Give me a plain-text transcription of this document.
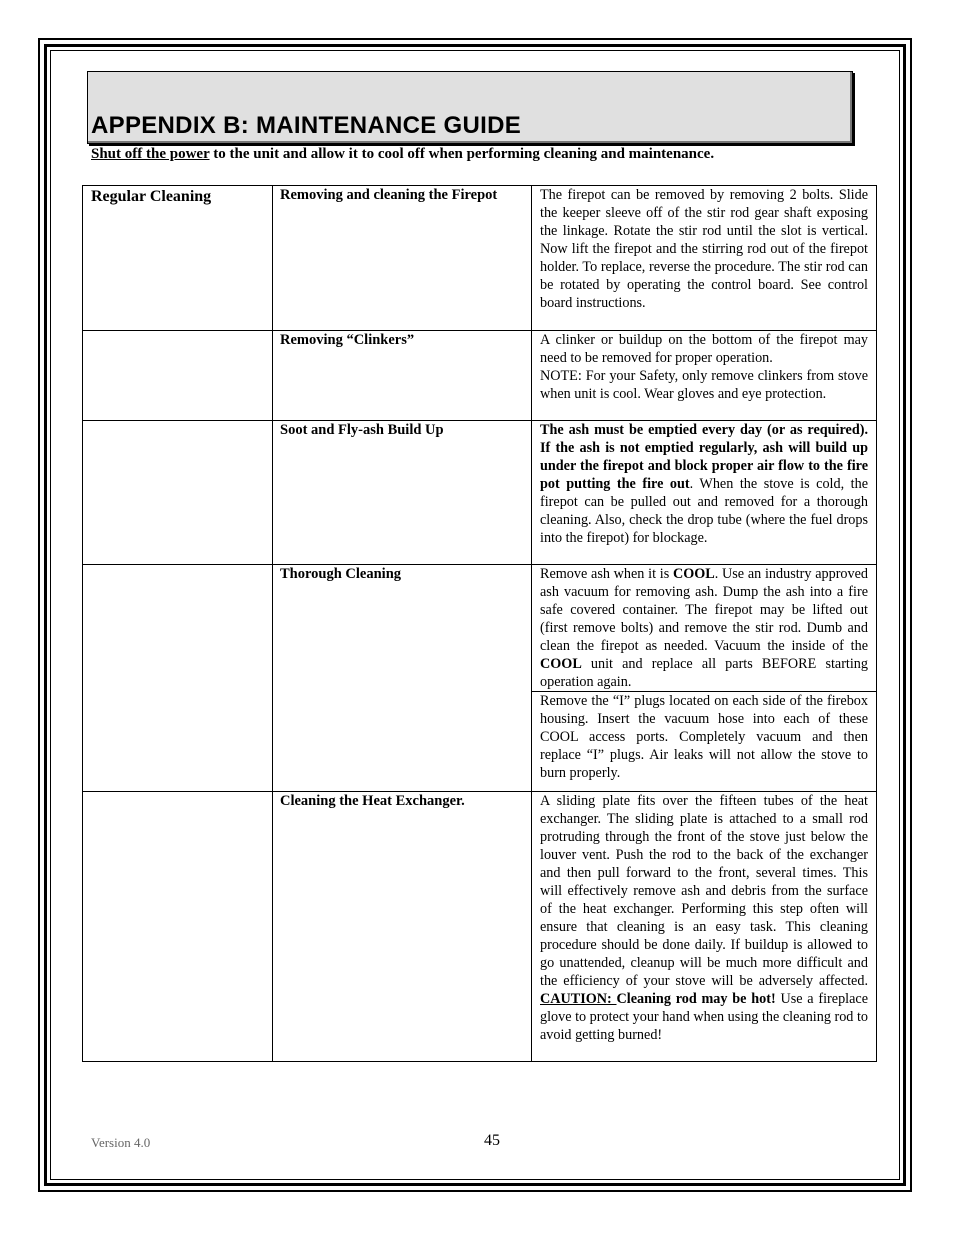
APPENDIX B: MAINTENANCE GUIDE

Shut off the power to the unit and allow it to cool off when performing cleaning and maintenance.

Regular Cleaning	Removing and cleaning the Firepot	The firepot can be removed by removing 2 bolts. Slide the keeper sleeve off of the stir rod gear shaft exposing the linkage. Rotate the stir rod until the slot is vertical. Now lift the firepot and the stirring rod out of the firepot holder. To replace, reverse the procedure. The stir rod can be rotated by operating the control board. See control board instructions.

	Removing “Clinkers”	A clinker or buildup on the bottom of the firepot may need to be removed for proper operation.
NOTE: For your Safety, only remove clinkers from stove when unit is cool. Wear gloves and eye protection.

	Soot and Fly-ash Build Up	The ash must be emptied every day (or as required). If the ash is not emptied regularly, ash will build up under the firepot and block proper air flow to the fire pot putting the fire out. When the stove is cold, the firepot can be pulled out and removed for a thorough cleaning. Also, check the drop tube (where the fuel drops into the firepot) for blockage.

	Thorough Cleaning	Remove ash when it is COOL. Use an industry approved ash vacuum for removing ash. Dump the ash into a fire safe covered container. The firepot may be lifted out (first remove bolts) and remove the stir rod. Dumb and clean the firepot as needed. Vacuum the inside of the COOL unit and replace all parts BEFORE starting operation again.

		Remove the “I” plugs located on each side of the firebox housing. Insert the vacuum hose into each of these COOL access ports. Completely vacuum and then replace “I” plugs. Air leaks will not allow the stove to burn properly.

	Cleaning the Heat Exchanger.	A sliding plate fits over the fifteen tubes of the heat exchanger. The sliding plate is attached to a small rod protruding through the front of the stove just below the louver vent. Push the rod to the back of the exchanger and then pull forward to the front, several times. This will effectively remove ash and debris from the surface of the heat exchanger. Performing this step often will ensure that cleaning is an easy task. This cleaning procedure should be done daily. If buildup is allowed to go unattended, cleanup will be much more difficult and the efficiency of your stove will be adversely affected. CAUTION: Cleaning rod may be hot! Use a fireplace glove to protect your hand when using the cleaning rod to avoid getting burned!
Version 4.0	45
